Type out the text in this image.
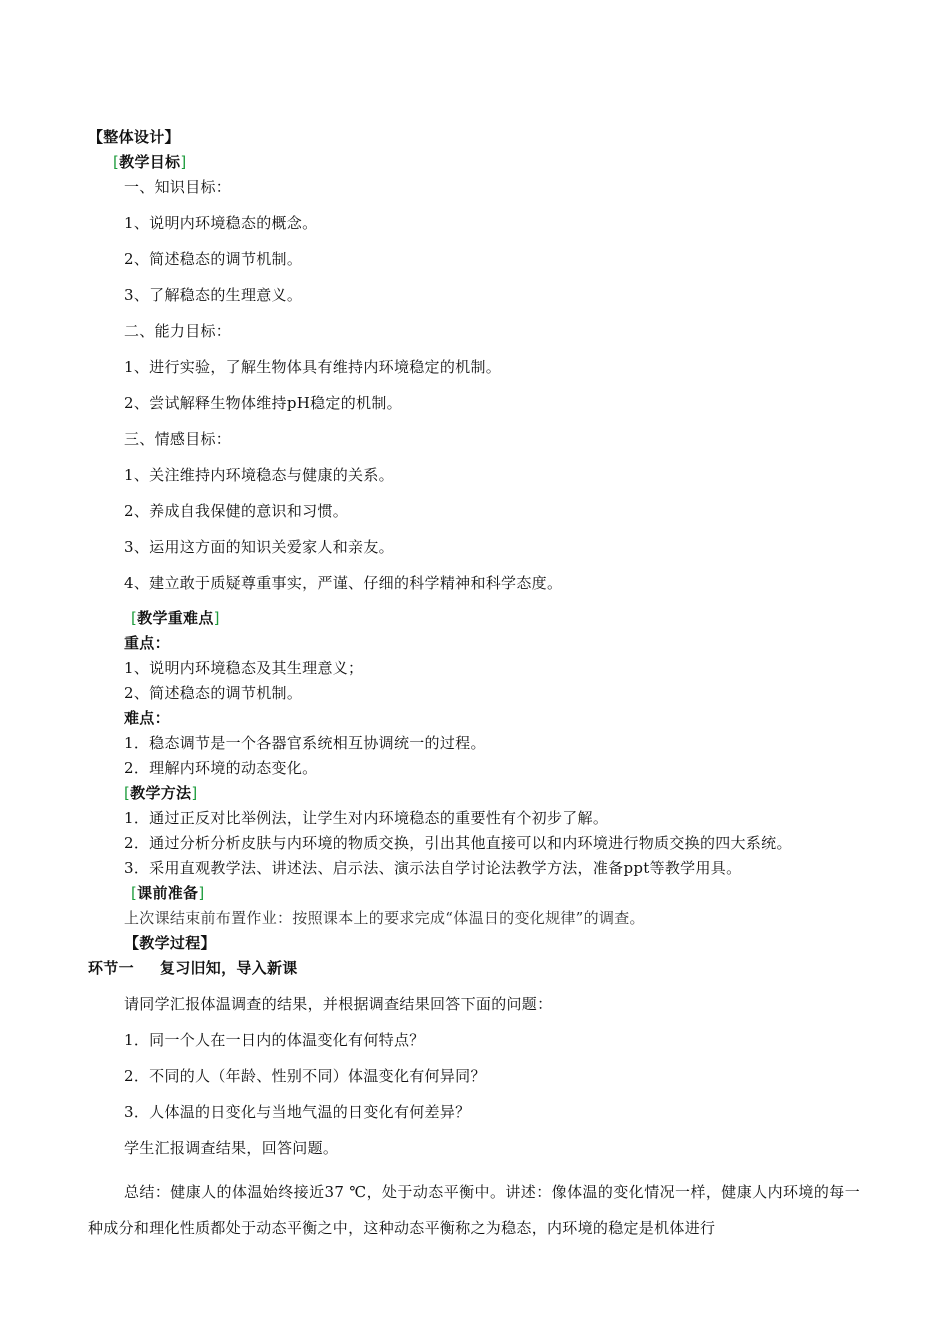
【整体设计】
[教学目标]
一、知识目标：
1、说明内环境稳态的概念。
2、简述稳态的调节机制。
3、了解稳态的生理意义。
二、能力目标：
1、进行实验，了解生物体具有维持内环境稳定的机制。
2、尝试解释生物体维持pH稳定的机制。
三、情感目标：
1、关注维持内环境稳态与健康的关系。
2、养成自我保健的意识和习惯。
3、运用这方面的知识关爱家人和亲友。
4、建立敢于质疑尊重事实，严谨、仔细的科学精神和科学态度。
[教学重难点]
重点：
1、说明内环境稳态及其生理意义；
2、简述稳态的调节机制。
难点：
1．稳态调节是一个各器官系统相互协调统一的过程。
2．理解内环境的动态变化。
[教学方法]
1．通过正反对比举例法，让学生对内环境稳态的重要性有个初步了解。
2．通过分析分析皮肤与内环境的物质交换，引出其他直接可以和内环境进行物质交换的四大系统。
3．采用直观教学法、讲述法、启示法、演示法自学讨论法教学方法，准备ppt等教学用具。
[课前准备]
上次课结束前布置作业：按照课本上的要求完成“体温日的变化规律”的调查。
【教学过程】
环节一 复习旧知，导入新课
请同学汇报体温调查的结果，并根据调查结果回答下面的问题：
1．同一个人在一日内的体温变化有何特点？
2．不同的人（年龄、性别不同）体温变化有何异同？
3．人体温的日变化与当地气温的日变化有何差异？
学生汇报调查结果，回答问题。
总结：健康人的体温始终接近37 ℃，处于动态平衡中。讲述：像体温的变化情况一样，健康人内环境的每一种成分和理化性质都处于动态平衡之中，这种动态平衡称之为稳态，内环境的稳定是机体进行
